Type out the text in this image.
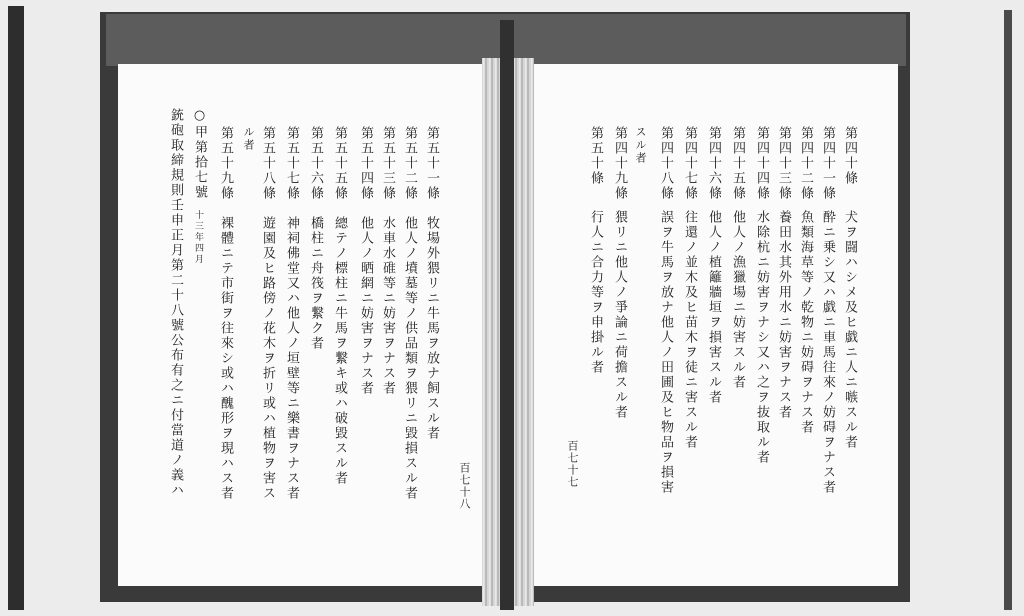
第五十一條
牧場外猥リニ牛馬ヲ放ナ飼スル者
第五十二條
他人ノ墳墓等ノ供品類ヲ猥リニ毀損スル者
第五十三條
水車水碓等ニ妨害ヲナス者
第五十四條
他人ノ晒網ニ妨害ヲナス者
第五十五條
總テノ標柱ニ牛馬ヲ繋キ或ハ破毀スル者
第五十六條
橋柱ニ舟筏ヲ繋ク者
第五十七條
神祠佛堂又ハ他人ノ垣壁等ニ樂書ヲナス者
第五十八條
遊園及ヒ路傍ノ花木ヲ折リ或ハ植物ヲ害ス
ル者
第五十九條
裸體ニテ市街ヲ往來シ或ハ醜形ヲ現ハス者
○甲第拾七號
十三年四月
銃砲取締規則壬申正月第二十八號公布有之ニ付當道ノ義ハ	百七十八
第四十條
犬ヲ闘ハシメ及ヒ戯ニ人ニ嗾スル者
第四十一條
酔ニ乗シ又ハ戯ニ車馬往來ノ妨碍ヲナス者
第四十二條
魚類海草等ノ乾物ニ妨碍ヲナス者
第四十三條
養田水其外用水ニ妨害ヲナス者
第四十四條
水除杭ニ妨害ヲナシ又ハ之ヲ抜取ル者
第四十五條
他人ノ漁獵場ニ妨害スル者
第四十六條
他人ノ植籬牆垣ヲ損害スル者
第四十七條
往還ノ並木及ヒ苗木ヲ徒ニ害スル者
第四十八條
誤ヲ牛馬ヲ放ナ他人ノ田圃及ヒ物品ヲ損害
スル者
第四十九條
猥リニ他人ノ爭論ニ荷擔スル者
第五十條
行人ニ合力等ヲ申掛ル者
百七十七
